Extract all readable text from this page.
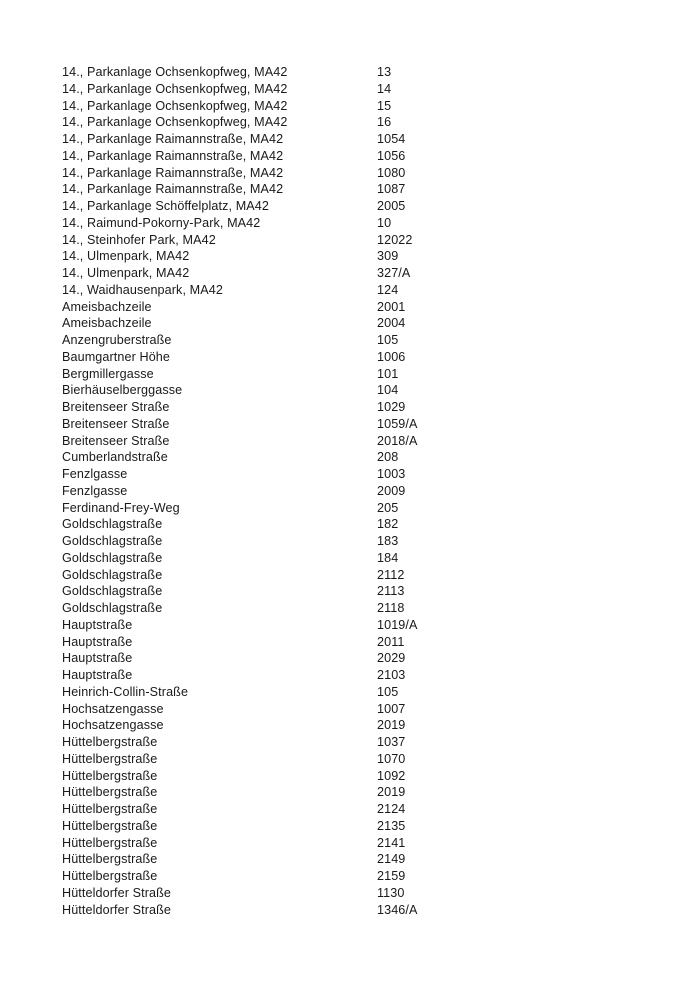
14., Parkanlage Ochsenkopfweg, MA42	13
14., Parkanlage Ochsenkopfweg, MA42	14
14., Parkanlage Ochsenkopfweg, MA42	15
14., Parkanlage Ochsenkopfweg, MA42	16
14., Parkanlage Raimannstraße, MA42	1054
14., Parkanlage Raimannstraße, MA42	1056
14., Parkanlage Raimannstraße, MA42	1080
14., Parkanlage Raimannstraße, MA42	1087
14., Parkanlage Schöffelplatz, MA42	2005
14., Raimund-Pokorny-Park, MA42	10
14., Steinhofer Park, MA42	12022
14., Ulmenpark, MA42	309
14., Ulmenpark, MA42	327/A
14., Waidhausenpark, MA42	124
Ameisbachzeile	2001
Ameisbachzeile	2004
Anzengruberstraße	105
Baumgartner Höhe	1006
Bergmillergasse	101
Bierhäuselberggasse	104
Breitenseer Straße	1029
Breitenseer Straße	1059/A
Breitenseer Straße	2018/A
Cumberlandstraße	208
Fenzlgasse	1003
Fenzlgasse	2009
Ferdinand-Frey-Weg	205
Goldschlagstraße	182
Goldschlagstraße	183
Goldschlagstraße	184
Goldschlagstraße	2112
Goldschlagstraße	2113
Goldschlagstraße	2118
Hauptstraße	1019/A
Hauptstraße	2011
Hauptstraße	2029
Hauptstraße	2103
Heinrich-Collin-Straße	105
Hochsatzengasse	1007
Hochsatzengasse	2019
Hüttelbergstraße	1037
Hüttelbergstraße	1070
Hüttelbergstraße	1092
Hüttelbergstraße	2019
Hüttelbergstraße	2124
Hüttelbergstraße	2135
Hüttelbergstraße	2141
Hüttelbergstraße	2149
Hüttelbergstraße	2159
Hütteldorfer Straße	1130
Hütteldorfer Straße	1346/A
